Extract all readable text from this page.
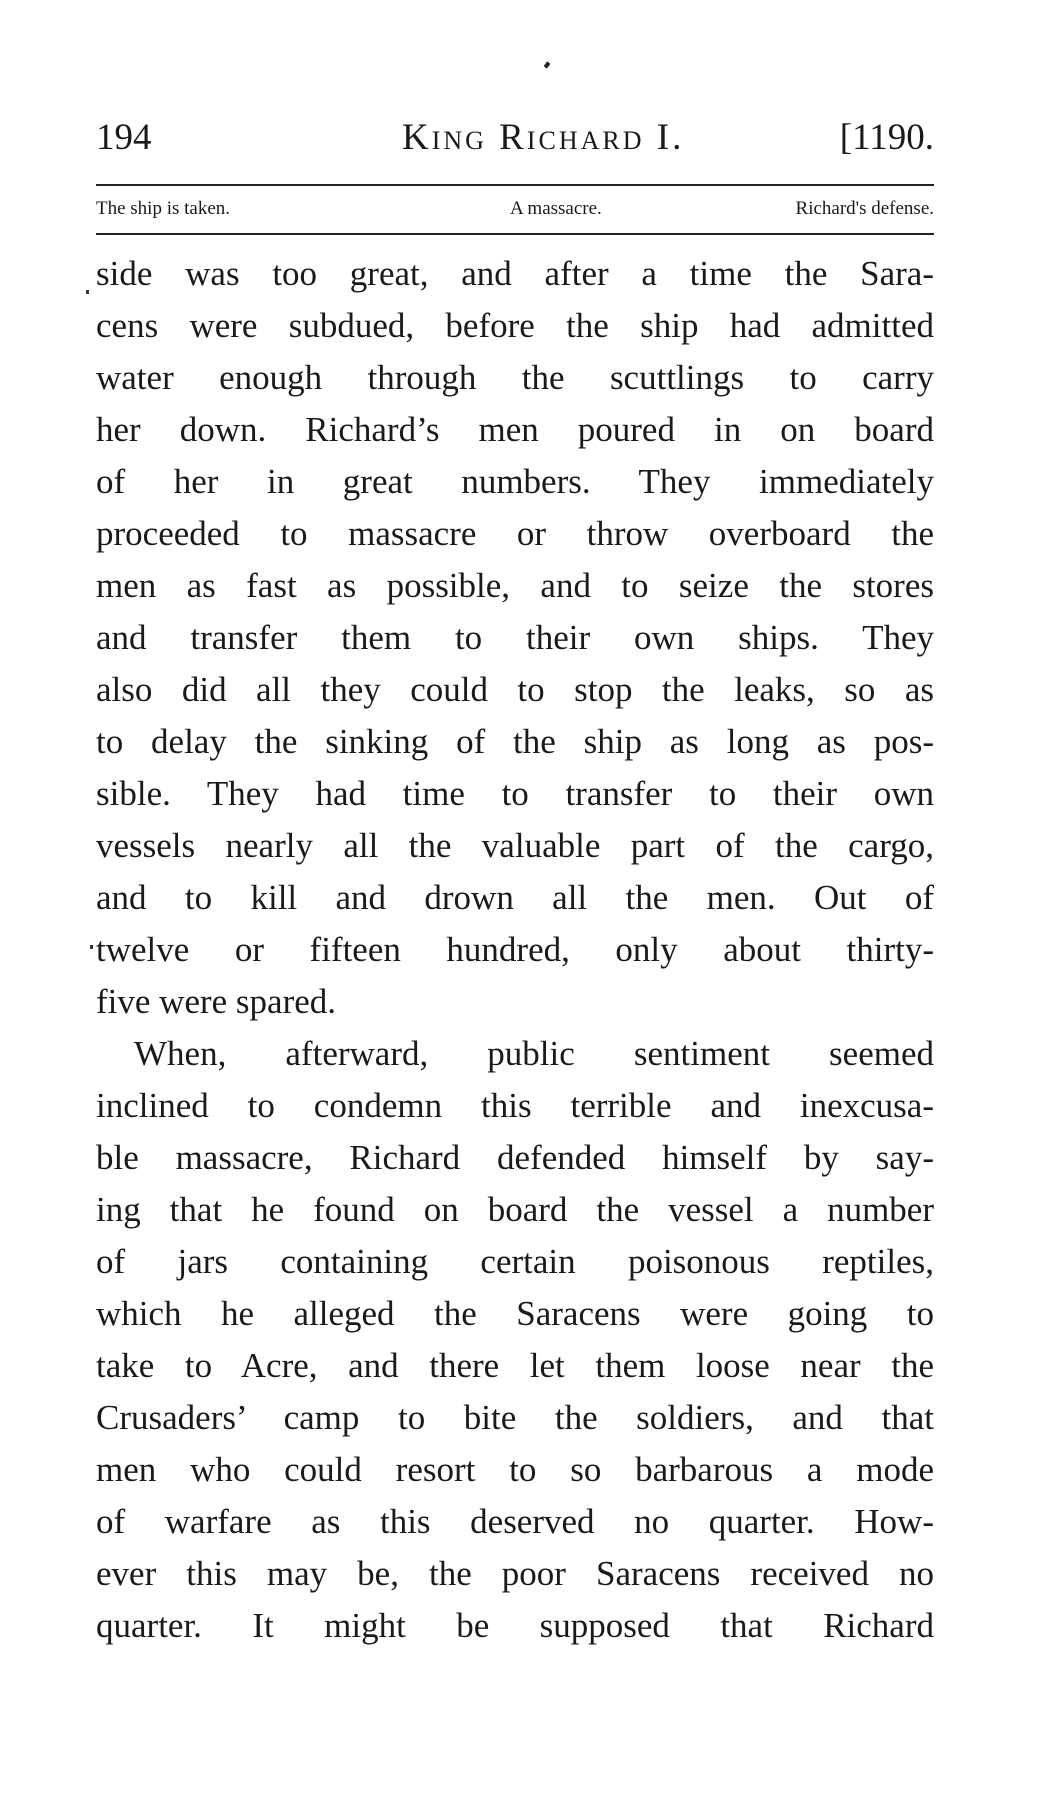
194	King Richard I.	[1190.
The ship is taken.	A massacre.	Richard's defense.
side was too great, and after a time the Sara-
cens were subdued, before the ship had admitted
water enough through the scuttlings to carry
her down. Richard’s men poured in on board
of her in great numbers. They immediately
proceeded to massacre or throw overboard the
men as fast as possible, and to seize the stores
and transfer them to their own ships. They
also did all they could to stop the leaks, so as
to delay the sinking of the ship as long as pos-
sible. They had time to transfer to their own
vessels nearly all the valuable part of the cargo,
and to kill and drown all the men. Out of
twelve or fifteen hundred, only about thirty-
five were spared.
When, afterward, public sentiment seemed
inclined to condemn this terrible and inexcusa-
ble massacre, Richard defended himself by say-
ing that he found on board the vessel a number
of jars containing certain poisonous reptiles,
which he alleged the Saracens were going to
take to Acre, and there let them loose near the
Crusaders’ camp to bite the soldiers, and that
men who could resort to so barbarous a mode
of warfare as this deserved no quarter. How-
ever this may be, the poor Saracens received no
quarter. It might be supposed that Richard
